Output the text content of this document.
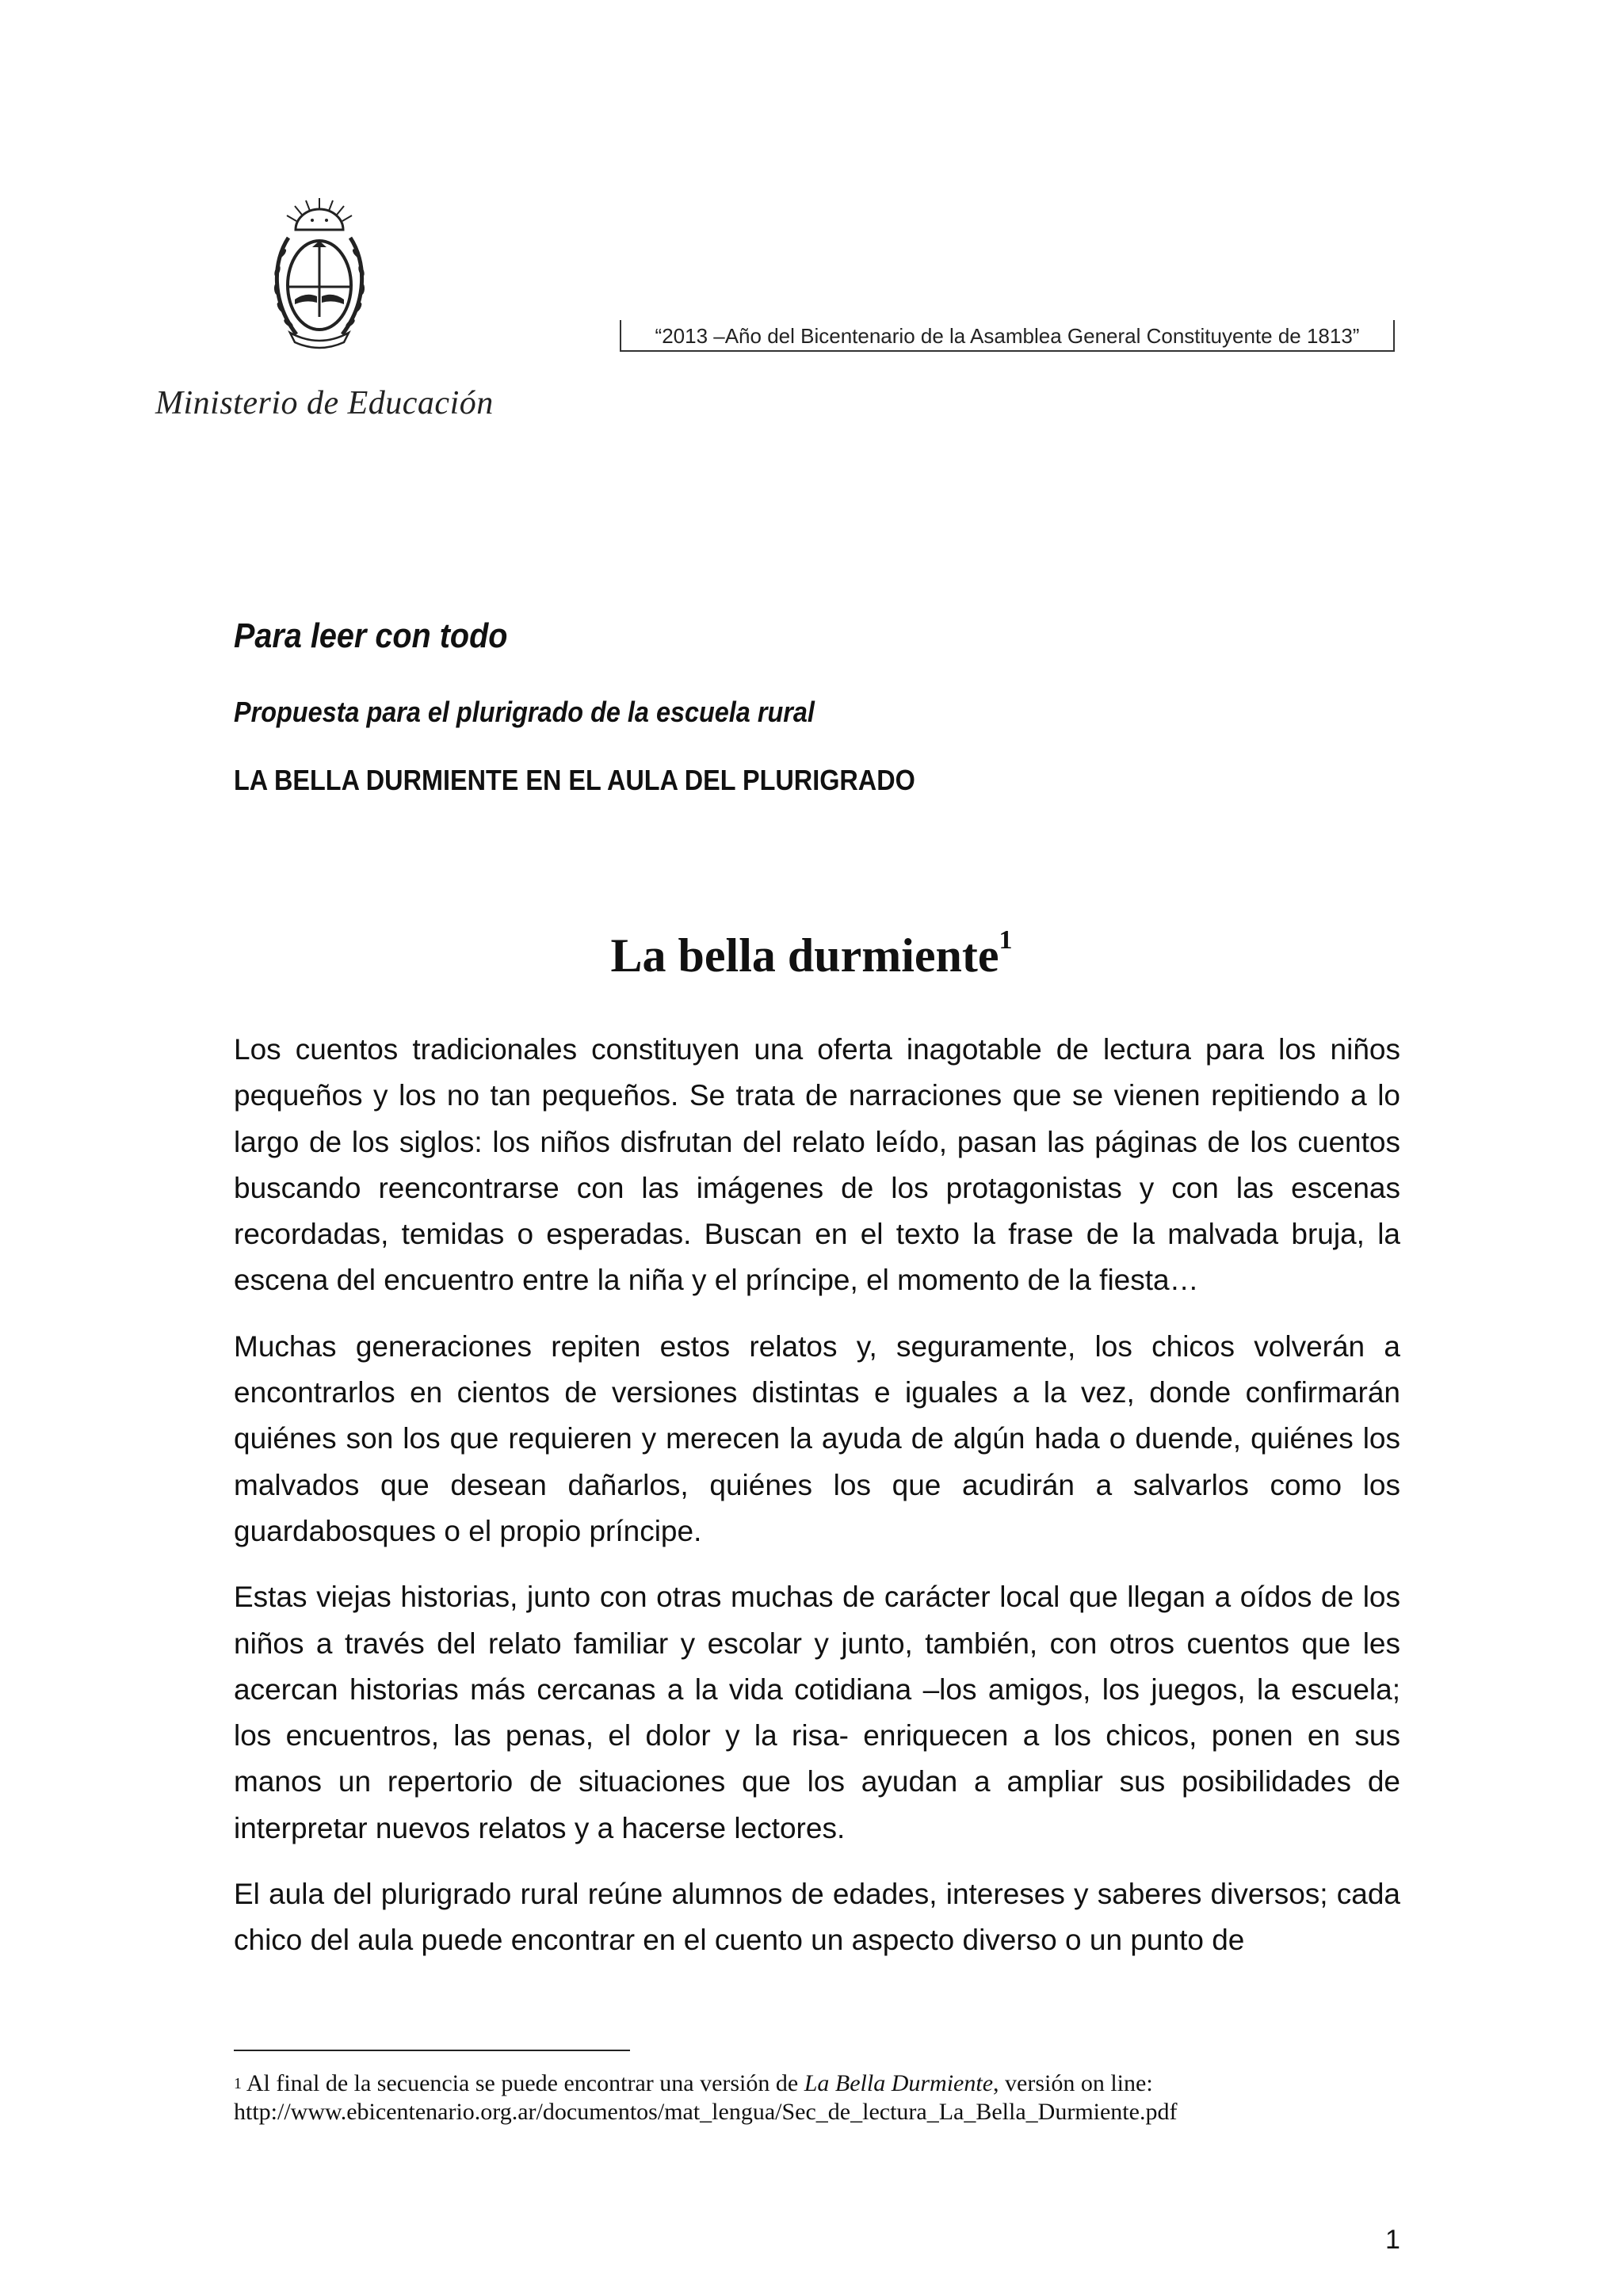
Ministerio de Educación
“2013 –Año del Bicentenario de la Asamblea General Constituyente de 1813”
Para leer con todo
Propuesta para el plurigrado de la escuela rural
LA BELLA DURMIENTE EN EL AULA DEL PLURIGRADO
La bella durmiente$^1$

Los cuentos tradicionales constituyen una oferta inagotable de lectura para los niños pequeños y los no tan pequeños. Se trata de narraciones que se vienen repitiendo a lo largo de los siglos: los niños disfrutan del relato leído, pasan las páginas de los cuentos buscando reencontrarse con las imágenes de los protagonistas y con las escenas recordadas, temidas o esperadas. Buscan en el texto la frase de la malvada bruja, la escena del encuentro entre la niña y el príncipe, el momento de la fiesta…

Muchas generaciones repiten estos relatos y, seguramente, los chicos volverán a encontrarlos en cientos de versiones distintas e iguales a la vez, donde confirmarán quiénes son los que requieren y merecen la ayuda de algún hada o duende, quiénes los malvados que desean dañarlos, quiénes los que acudirán a salvarlos como los guardabosques o el propio príncipe.

Estas viejas historias, junto con otras muchas de carácter local que llegan a oídos de los niños a través del relato familiar y escolar y junto, también, con otros cuentos que les acercan historias más cercanas a la vida cotidiana –los amigos, los juegos, la escuela; los encuentros, las penas, el dolor y la risa- enriquecen a los chicos, ponen en sus manos un repertorio de situaciones que los ayudan a ampliar sus posibilidades de interpretar nuevos relatos y a hacerse lectores.

El aula del plurigrado rural reúne alumnos de edades, intereses y saberes diversos; cada chico del aula puede encontrar en el cuento un aspecto diverso o un punto de

$^1$ Al final de la secuencia se puede encontrar una versión de La Bella Durmiente, versión on line:
http://www.ebicentenario.org.ar/documentos/mat_lengua/Sec_de_lectura_La_Bella_Durmiente.pdf
1
